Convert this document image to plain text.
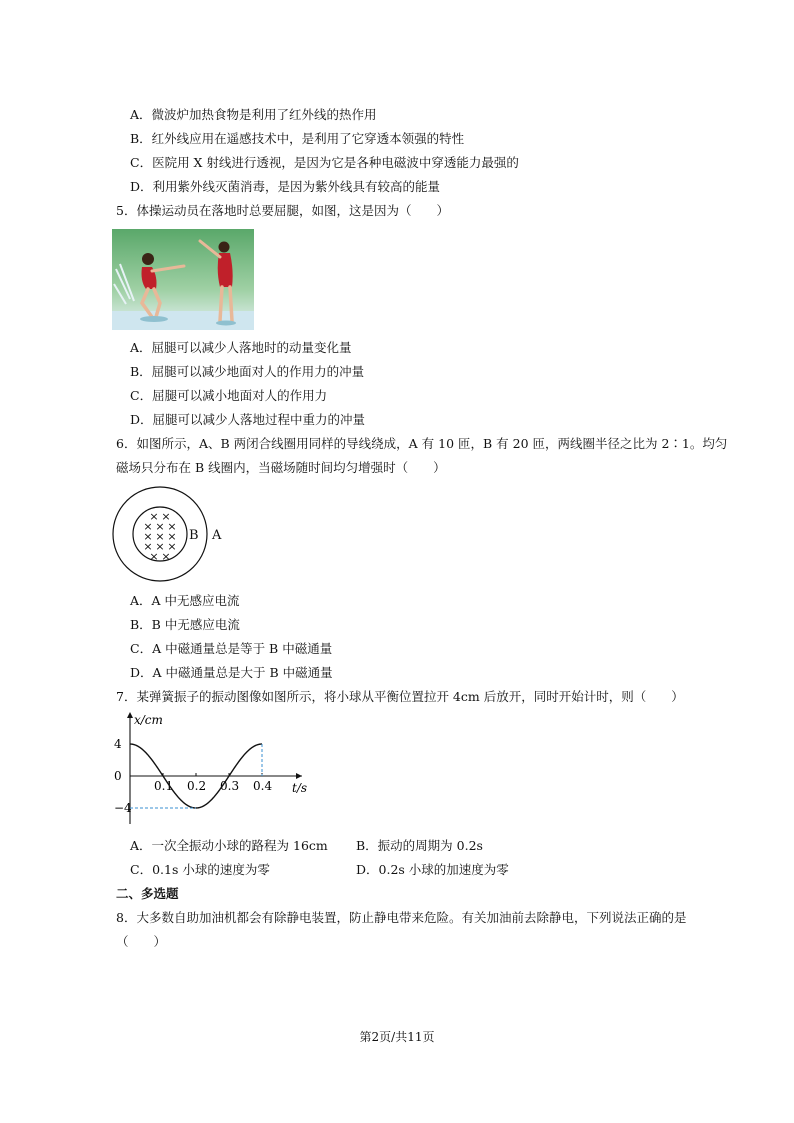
A．微波炉加热食物是利用了红外线的热作用
B．红外线应用在遥感技术中，是利用了它穿透本领强的特性
C．医院用 X 射线进行透视，是因为它是各种电磁波中穿透能力最强的
D．利用紫外线灭菌消毒，是因为紫外线具有较高的能量
5．体操运动员在落地时总要屈腿，如图，这是因为（　　）
A．屈腿可以减少人落地时的动量变化量
B．屈腿可以减少地面对人的作用力的冲量
C．屈腿可以减小地面对人的作用力
D．屈腿可以减少人落地过程中重力的冲量
6．如图所示，A、B 两闭合线圈用同样的导线绕成，A 有 10 匝，B 有 20 匝，两线圈半径之比为 2∶1。均匀
磁场只分布在 B 线圈内，当磁场随时间均匀增强时（　　）
× ×
× × ×
× × ×
× × ×
× ×
B A
A．A 中无感应电流
B．B 中无感应电流
C．A 中磁通量总是等于 B 中磁通量
D．A 中磁通量总是大于 B 中磁通量
7．某弹簧振子的振动图像如图所示，将小球从平衡位置拉开 4cm 后放开，同时开始计时，则（　　）
x/cm
t/s
0.1 0.2 0.3 0.4
4
0
−4
A．一次全振动小球的路程为 16cm B．振动的周期为 0.2s
C．0.1s 小球的速度为零	D．0.2s 小球的加速度为零
二、多选题
8．大多数自助加油机都会有除静电装置，防止静电带来危险。有关加油前去除静电，下列说法正确的是
（　　）
第2页/共11页
